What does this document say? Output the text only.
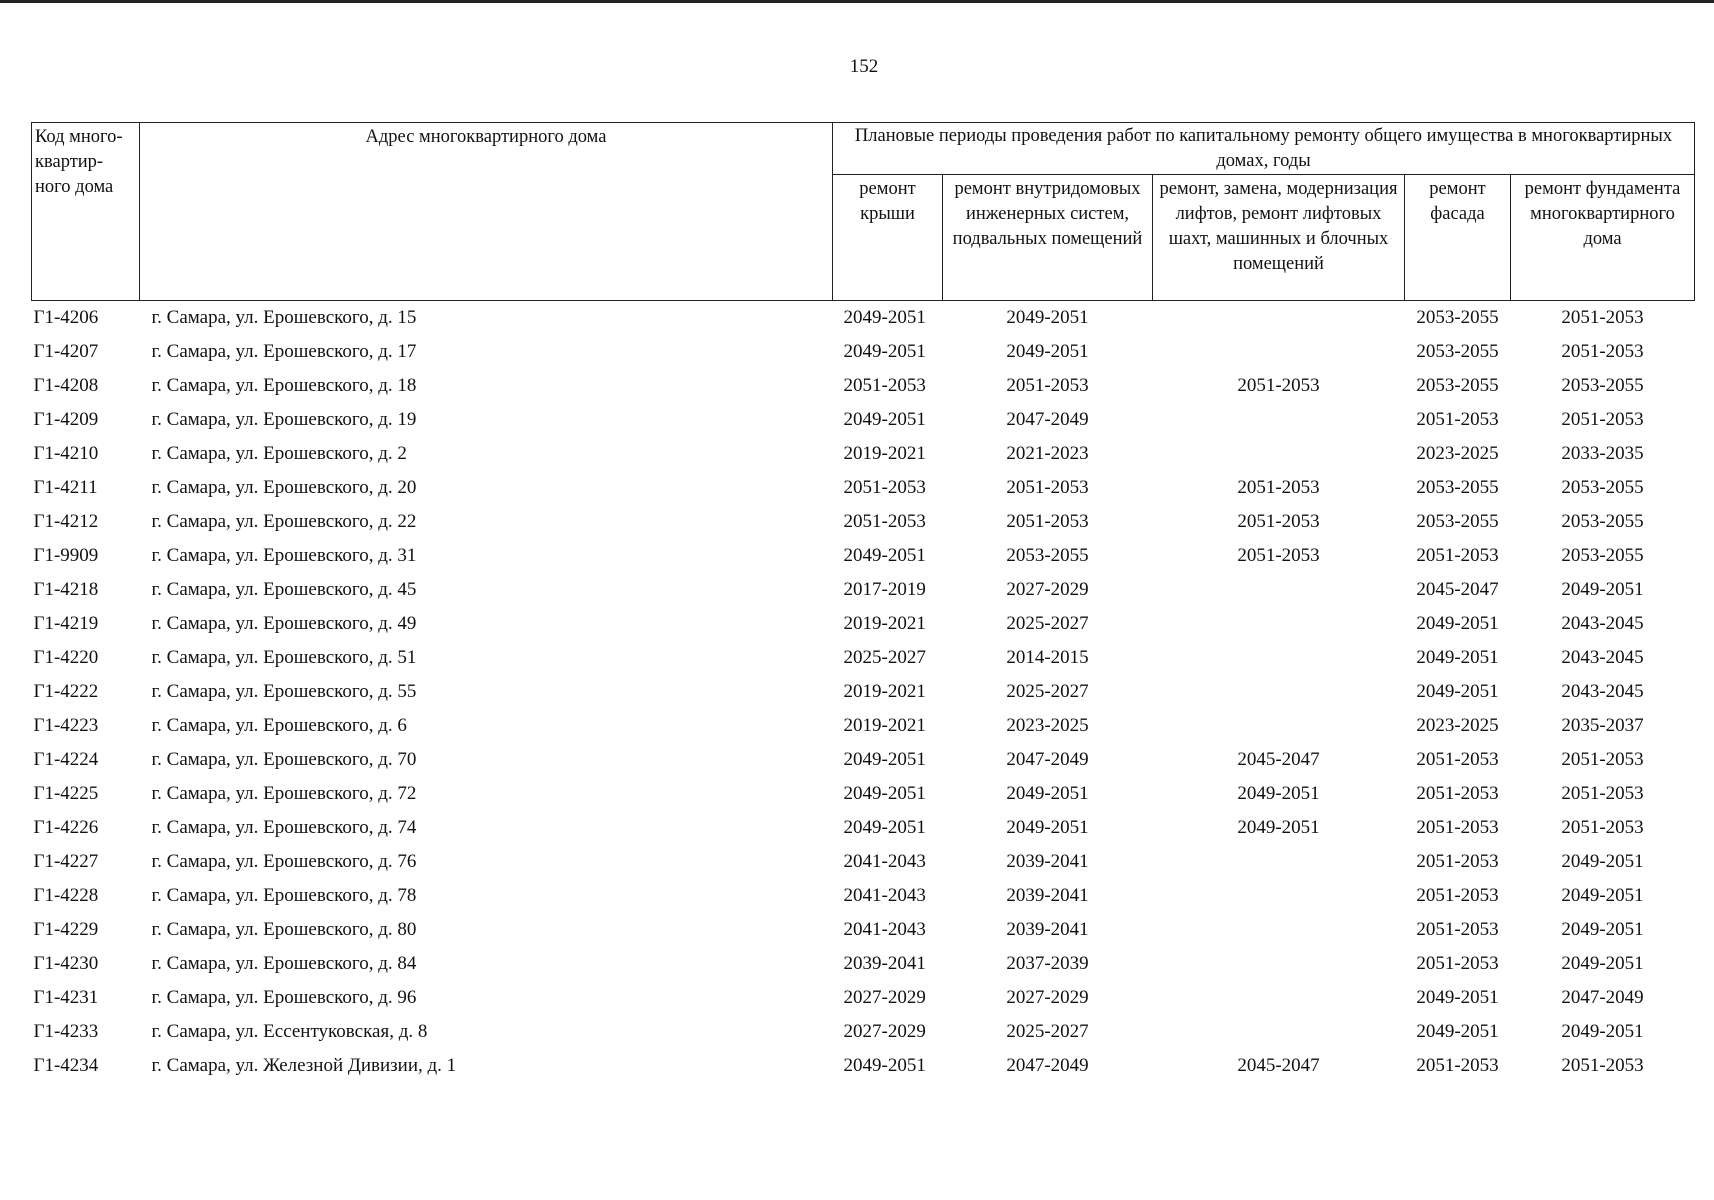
152
Код много-квартир-ного дома	Адрес многоквартирного дома	Плановые периоды проведения работ по капитальному ремонту общего имущества в многоквартирных домах, годы				
		ремонт крыши	ремонт внутридомовых инженерных систем, подвальных помещений	ремонт, замена, модернизация лифтов, ремонт лифтовых шахт, машинных и блочных помещений	ремонт фасада	ремонт фундамента многоквартирного дома
Г1-4206	г. Самара, ул. Ерошевского, д. 15	2049-2051	2049-2051		2053-2055	2051-2053
Г1-4207	г. Самара, ул. Ерошевского, д. 17	2049-2051	2049-2051		2053-2055	2051-2053
Г1-4208	г. Самара, ул. Ерошевского, д. 18	2051-2053	2051-2053	2051-2053	2053-2055	2053-2055
Г1-4209	г. Самара, ул. Ерошевского, д. 19	2049-2051	2047-2049		2051-2053	2051-2053
Г1-4210	г. Самара, ул. Ерошевского, д. 2	2019-2021	2021-2023		2023-2025	2033-2035
Г1-4211	г. Самара, ул. Ерошевского, д. 20	2051-2053	2051-2053	2051-2053	2053-2055	2053-2055
Г1-4212	г. Самара, ул. Ерошевского, д. 22	2051-2053	2051-2053	2051-2053	2053-2055	2053-2055
Г1-9909	г. Самара, ул. Ерошевского, д. 31	2049-2051	2053-2055	2051-2053	2051-2053	2053-2055
Г1-4218	г. Самара, ул. Ерошевского, д. 45	2017-2019	2027-2029		2045-2047	2049-2051
Г1-4219	г. Самара, ул. Ерошевского, д. 49	2019-2021	2025-2027		2049-2051	2043-2045
Г1-4220	г. Самара, ул. Ерошевского, д. 51	2025-2027	2014-2015		2049-2051	2043-2045
Г1-4222	г. Самара, ул. Ерошевского, д. 55	2019-2021	2025-2027		2049-2051	2043-2045
Г1-4223	г. Самара, ул. Ерошевского, д. 6	2019-2021	2023-2025		2023-2025	2035-2037
Г1-4224	г. Самара, ул. Ерошевского, д. 70	2049-2051	2047-2049	2045-2047	2051-2053	2051-2053
Г1-4225	г. Самара, ул. Ерошевского, д. 72	2049-2051	2049-2051	2049-2051	2051-2053	2051-2053
Г1-4226	г. Самара, ул. Ерошевского, д. 74	2049-2051	2049-2051	2049-2051	2051-2053	2051-2053
Г1-4227	г. Самара, ул. Ерошевского, д. 76	2041-2043	2039-2041		2051-2053	2049-2051
Г1-4228	г. Самара, ул. Ерошевского, д. 78	2041-2043	2039-2041		2051-2053	2049-2051
Г1-4229	г. Самара, ул. Ерошевского, д. 80	2041-2043	2039-2041		2051-2053	2049-2051
Г1-4230	г. Самара, ул. Ерошевского, д. 84	2039-2041	2037-2039		2051-2053	2049-2051
Г1-4231	г. Самара, ул. Ерошевского, д. 96	2027-2029	2027-2029		2049-2051	2047-2049
Г1-4233	г. Самара, ул. Ессентуковская, д. 8	2027-2029	2025-2027		2049-2051	2049-2051
Г1-4234	г. Самара, ул. Железной Дивизии, д. 1	2049-2051	2047-2049	2045-2047	2051-2053	2051-2053
